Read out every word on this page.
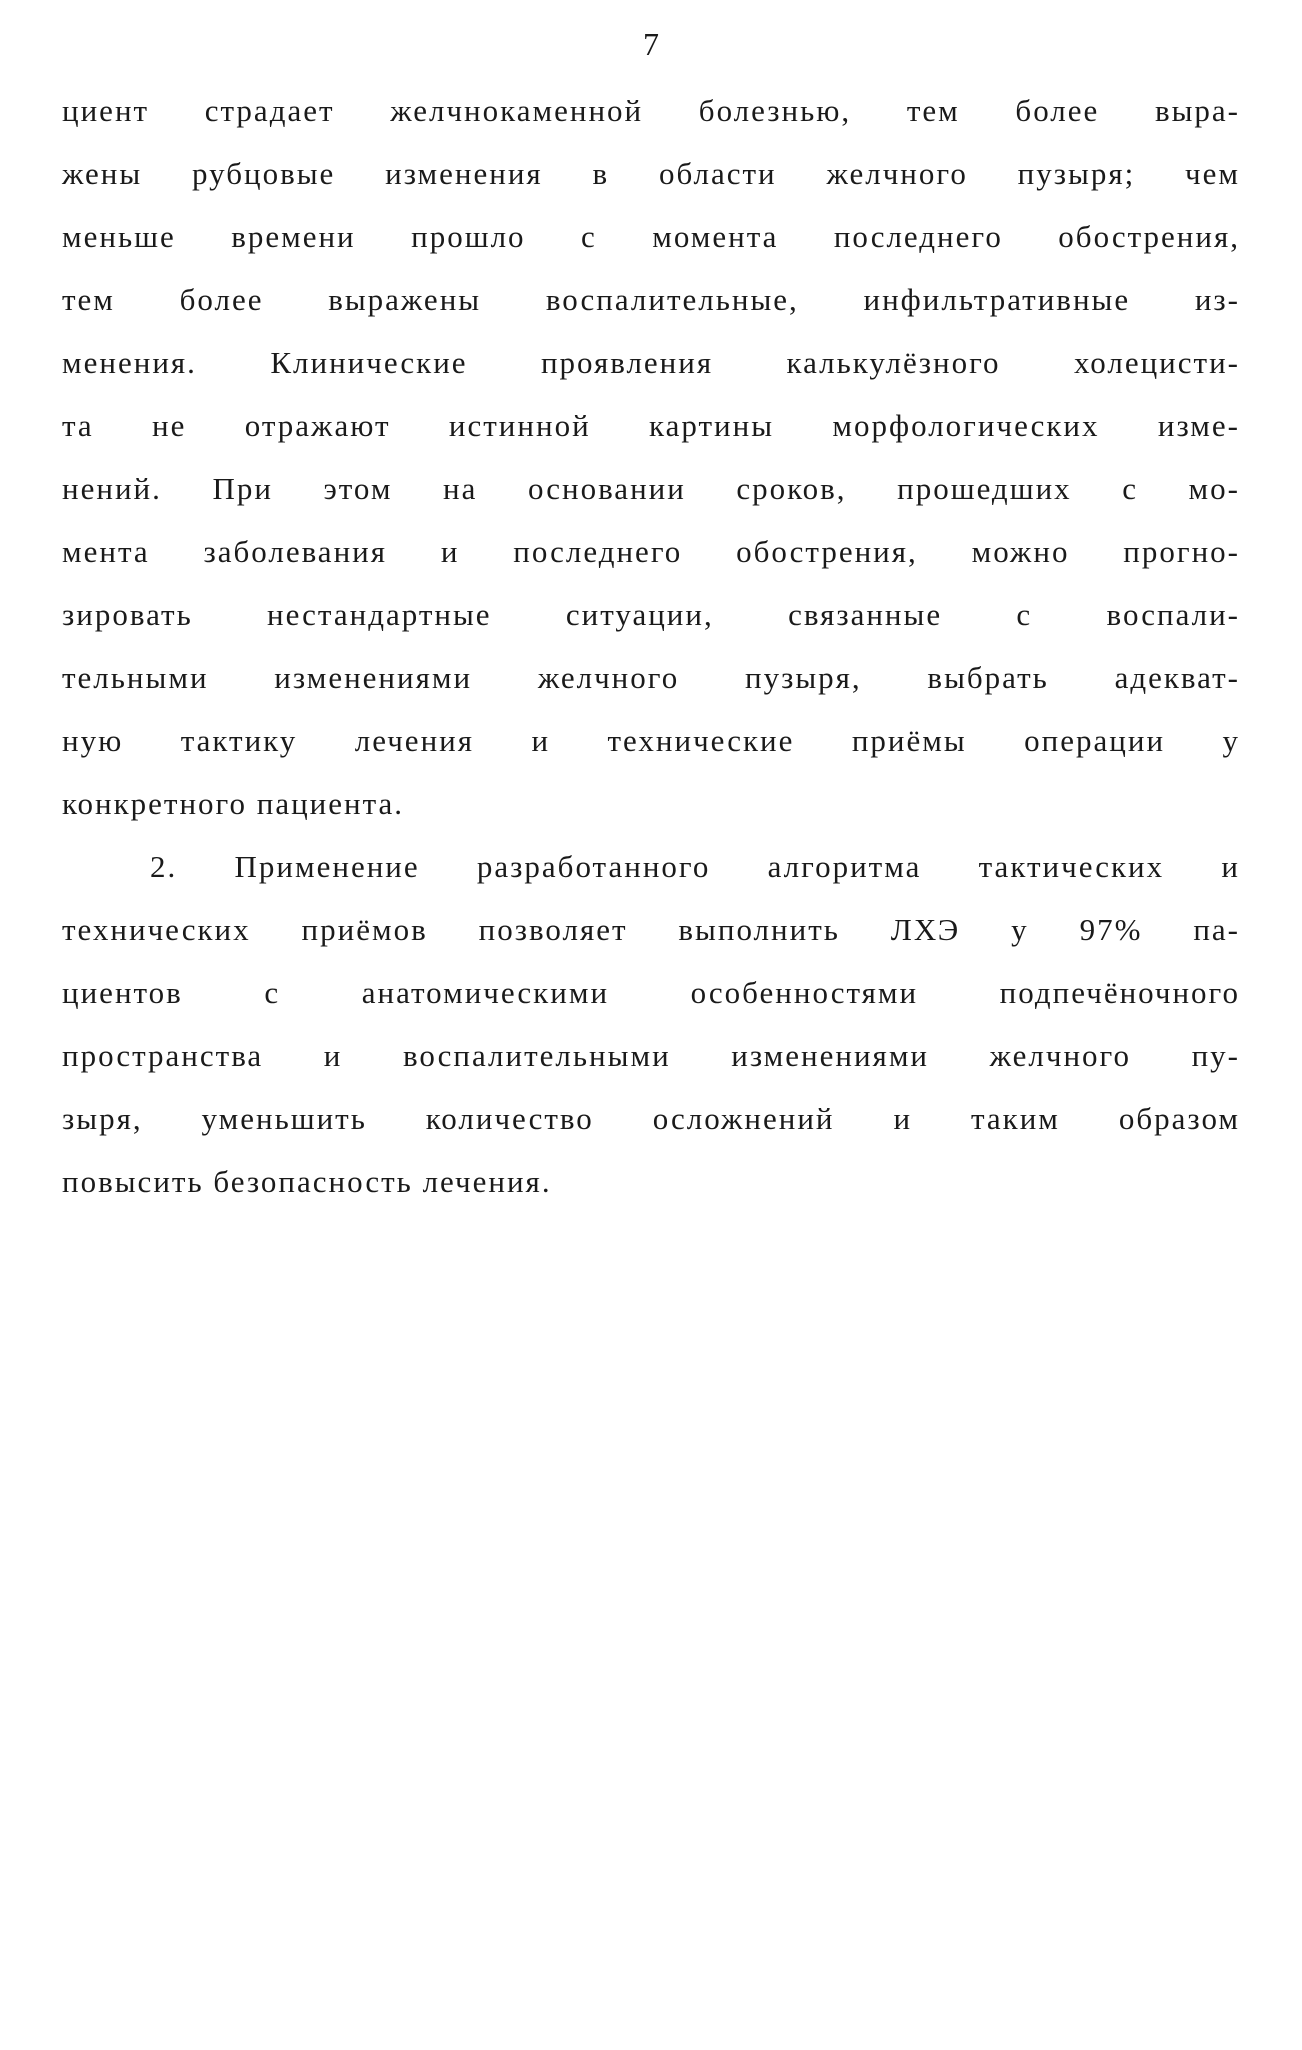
7
циент страдает желчнокаменной болезнью, тем более выра-
жены рубцовые изменения в области желчного пузыря; чем
меньше времени прошло с момента последнего обострения,
тем более выражены воспалительные, инфильтративные из-
менения. Клинические проявления калькулёзного холецисти-
та не отражают истинной картины морфологических изме-
нений. При этом на основании сроков, прошедших с мо-
мента заболевания и последнего обострения, можно прогно-
зировать нестандартные ситуации, связанные с воспали-
тельными изменениями желчного пузыря, выбрать адекват-
ную тактику лечения и технические приёмы операции у
конкретного пациента.
2. Применение разработанного алгоритма тактических и
технических приёмов позволяет выполнить ЛХЭ у 97% па-
циентов с анатомическими особенностями подпечёночного
пространства и воспалительными изменениями желчного пу-
зыря, уменьшить количество осложнений и таким образом
повысить безопасность лечения.
